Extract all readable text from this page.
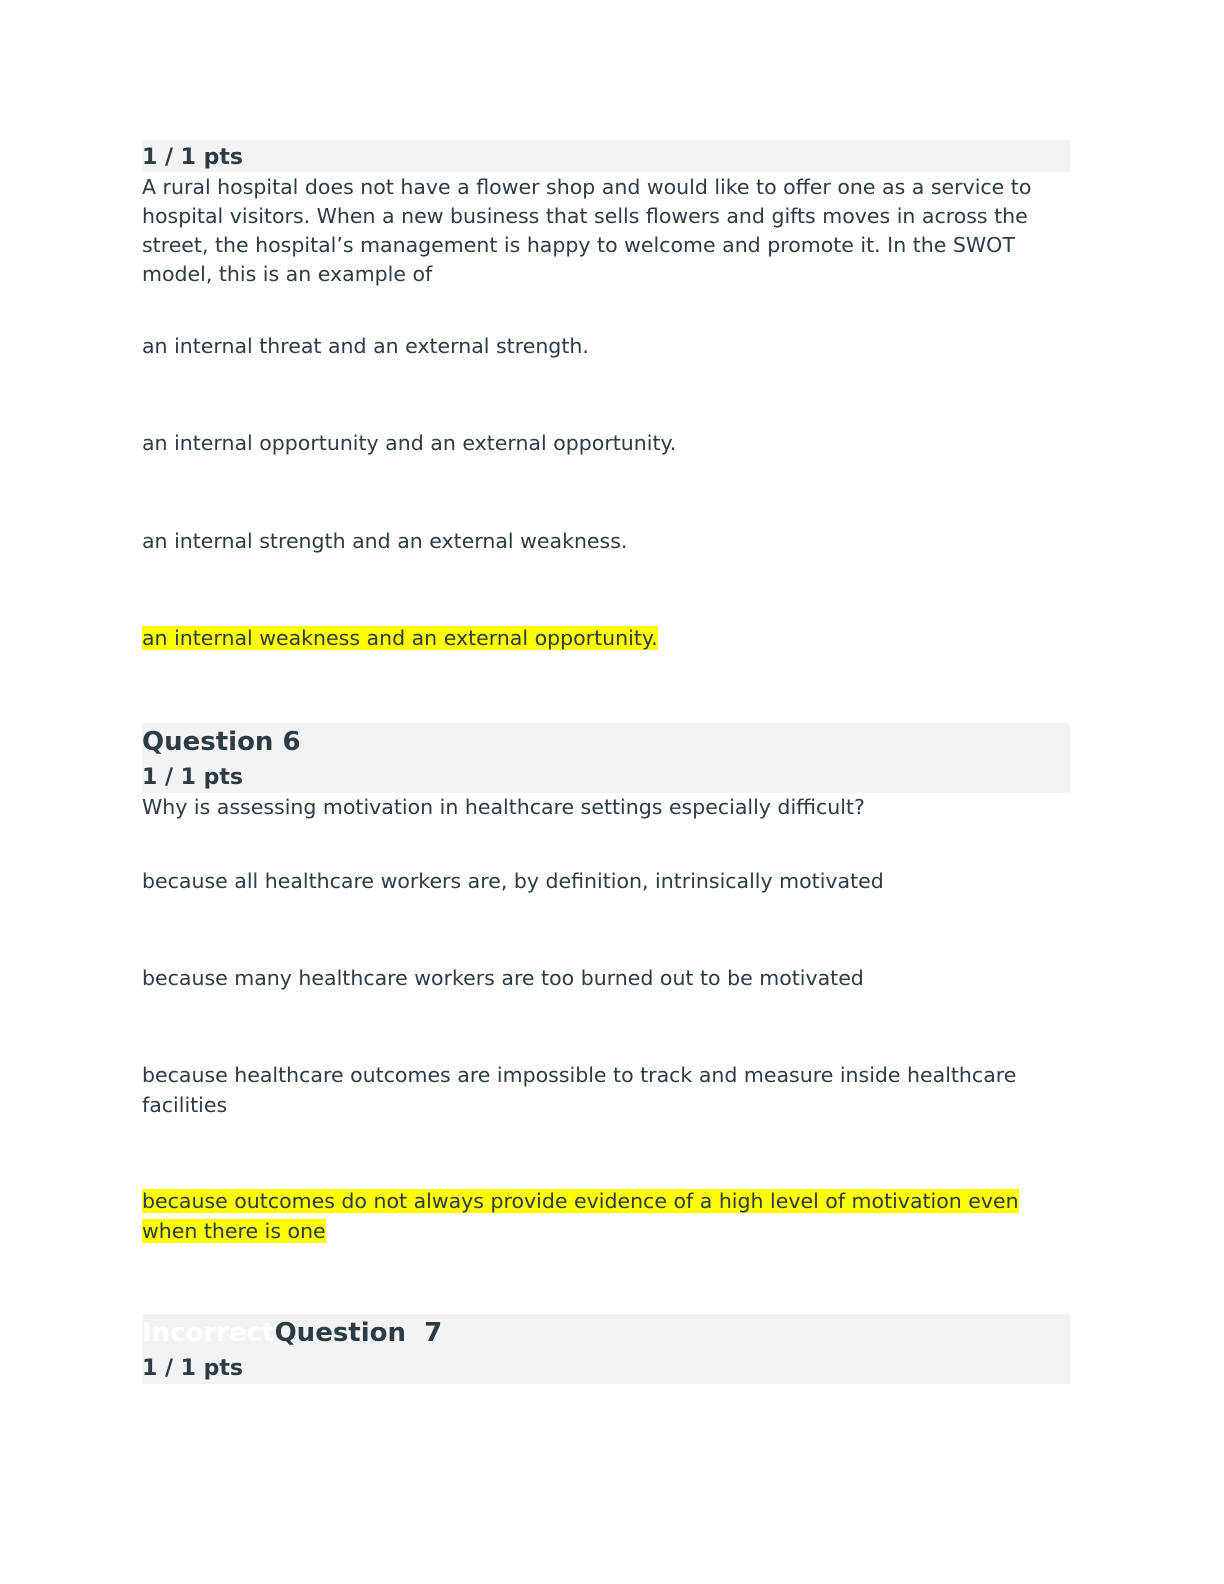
1 / 1 pts
A rural hospital does not have a flower shop and would like to offer one as a service to hospital visitors. When a new business that sells flowers and gifts moves in across the street, the hospital’s management is happy to welcome and promote it. In the SWOT model, this is an example of
an internal threat and an external strength.
an internal opportunity and an external opportunity.
an internal strength and an external weakness.
an internal weakness and an external opportunity.
Question 6
1 / 1 pts
Why is assessing motivation in healthcare settings especially difficult?
because all healthcare workers are, by definition, intrinsically motivated
because many healthcare workers are too burned out to be motivated
because healthcare outcomes are impossible to track and measure inside healthcare facilities
because outcomes do not always provide evidence of a high level of motivation even when there is one
IncorrectQuestion  7
1 / 1 pts
